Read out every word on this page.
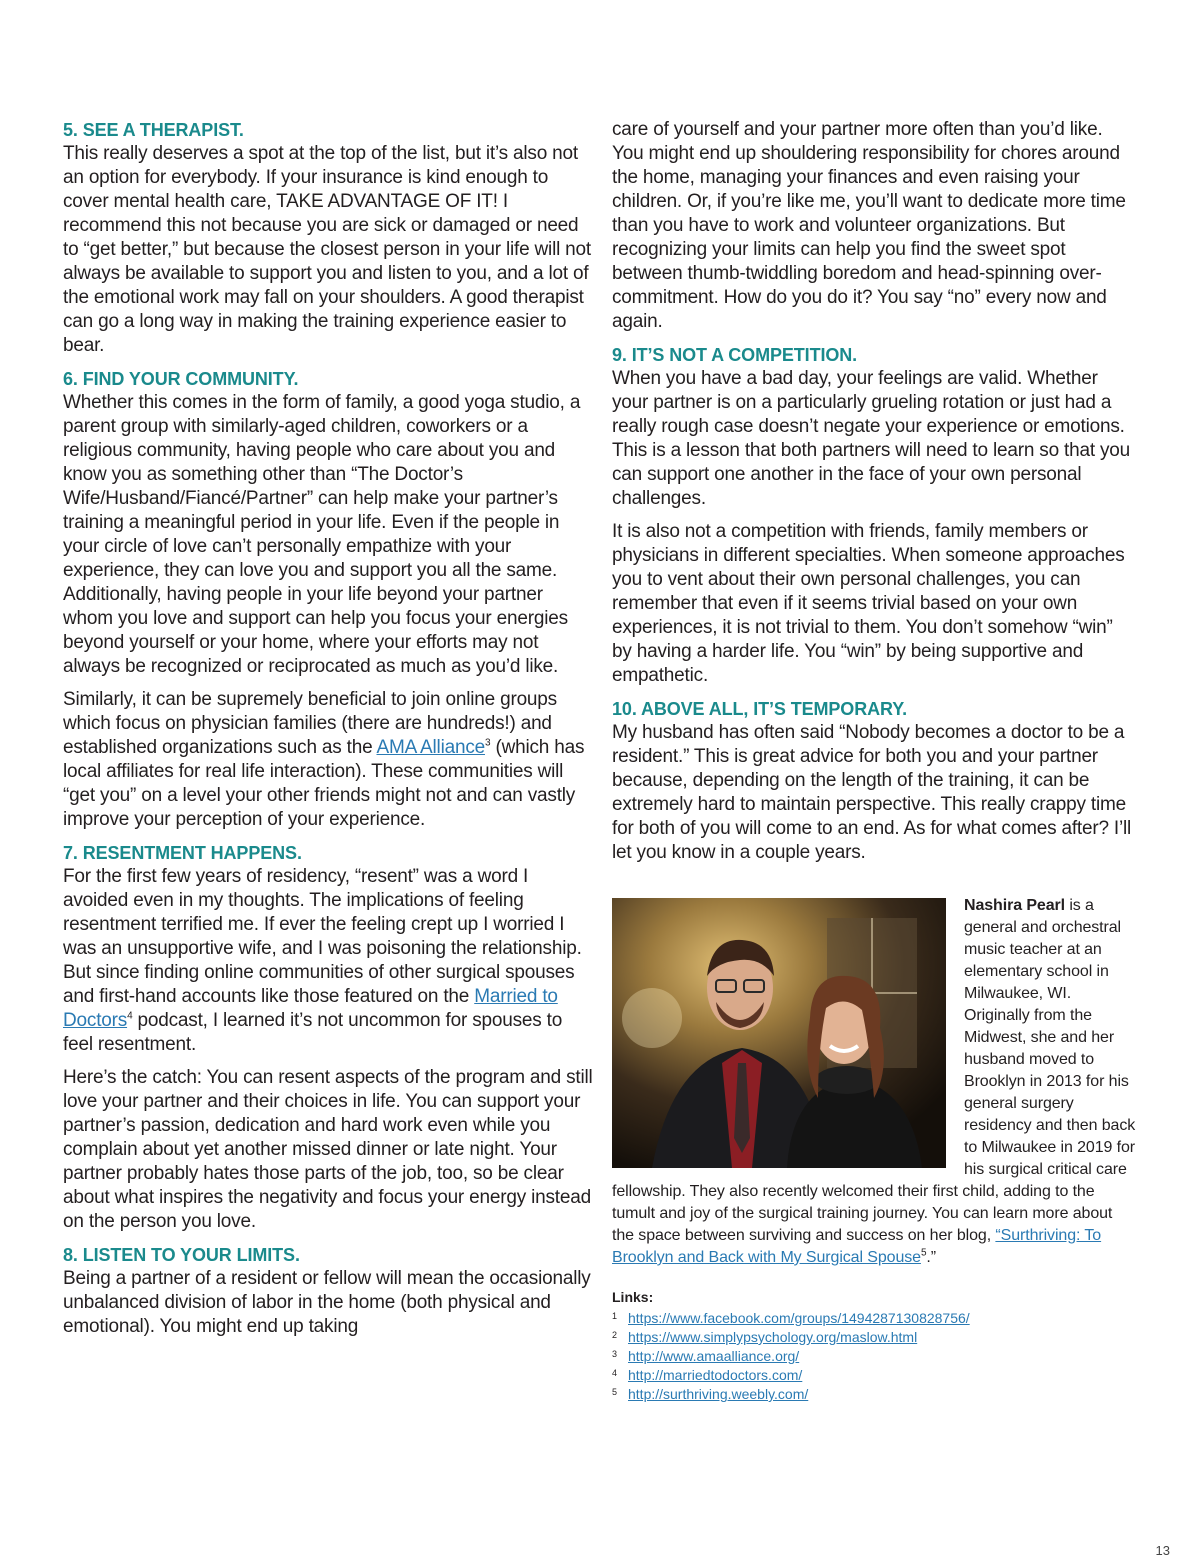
5. SEE A THERAPIST.

This really deserves a spot at the top of the list, but it’s also not an option for everybody. If your insurance is kind enough to cover mental health care, TAKE ADVANTAGE OF IT! I recommend this not because you are sick or damaged or need to “get better,” but because the closest person in your life will not always be available to support you and listen to you, and a lot of the emotional work may fall on your shoulders. A good therapist can go a long way in making the training experience easier to bear.

6. FIND YOUR COMMUNITY.

Whether this comes in the form of family, a good yoga studio, a parent group with similarly-aged children, coworkers or a religious community, having people who care about you and know you as something other than “The Doctor’s Wife/Husband/Fiancé/Partner” can help make your partner’s training a meaningful period in your life. Even if the people in your circle of love can’t personally empathize with your experience, they can love you and support you all the same. Additionally, having people in your life beyond your partner whom you love and support can help you focus your energies beyond yourself or your home, where your efforts may not always be recognized or reciprocated as much as you’d like.

Similarly, it can be supremely beneficial to join online groups which focus on physician families (there are hundreds!) and established organizations such as the AMA Alliance$^3$ (which has local affiliates for real life interaction). These communities will “get you” on a level your other friends might not and can vastly improve your perception of your experience.

7. RESENTMENT HAPPENS.

For the first few years of residency, “resent” was a word I avoided even in my thoughts. The implications of feeling resentment terrified me. If ever the feeling crept up I worried I was an unsupportive wife, and I was poisoning the relationship. But since finding online communities of other surgical spouses and first-hand accounts like those featured on the Married to Doctors$^4$ podcast, I learned it’s not uncommon for spouses to feel resentment.

Here’s the catch: You can resent aspects of the program and still love your partner and their choices in life. You can support your partner’s passion, dedication and hard work even while you complain about yet another missed dinner or late night. Your partner probably hates those parts of the job, too, so be clear about what inspires the negativity and focus your energy instead on the person you love.

8. LISTEN TO YOUR LIMITS.

Being a partner of a resident or fellow will mean the occasionally unbalanced division of labor in the home (both physical and emotional). You might end up taking

care of yourself and your partner more often than you’d like. You might end up shouldering responsibility for chores around the home, managing your finances and even raising your children. Or, if you’re like me, you’ll want to dedicate more time than you have to work and volunteer organizations. But recognizing your limits can help you find the sweet spot between thumb-twiddling boredom and head-spinning over-commitment. How do you do it? You say “no” every now and again.

9. IT’S NOT A COMPETITION.

When you have a bad day, your feelings are valid. Whether your partner is on a particularly grueling rotation or just had a really rough case doesn’t negate your experience or emotions. This is a lesson that both partners will need to learn so that you can support one another in the face of your own personal challenges.

It is also not a competition with friends, family members or physicians in different specialties. When someone approaches you to vent about their own personal challenges, you can remember that even if it seems trivial based on your own experiences, it is not trivial to them. You don’t somehow “win” by having a harder life. You “win” by being supportive and empathetic.

10. ABOVE ALL, IT’S TEMPORARY.

My husband has often said “Nobody becomes a doctor to be a resident.” This is great advice for both you and your partner because, depending on the length of the training, it can be extremely hard to maintain perspective. This really crappy time for both of you will come to an end. As for what comes after? I’ll let you know in a couple years.

Nashira Pearl is a general and orchestral music teacher at an elementary school in Milwaukee, WI. Originally from the Midwest, she and her husband moved to Brooklyn in 2013 for his general surgery residency and then back to Milwaukee in 2019 for his surgical critical care fellowship. They also recently welcomed their first child, adding to the tumult and joy of the surgical training journey. You can learn more about the space between surviving and success on her blog, “Surthriving: To Brooklyn and Back with My Surgical Spouse$^5$.”

Links:
1 https://www.facebook.com/groups/1494287130828756/
2 https://www.simplypsychology.org/maslow.html
3 http://www.amaalliance.org/
4 http://marriedtodoctors.com/
5 http://surthriving.weebly.com/
13
